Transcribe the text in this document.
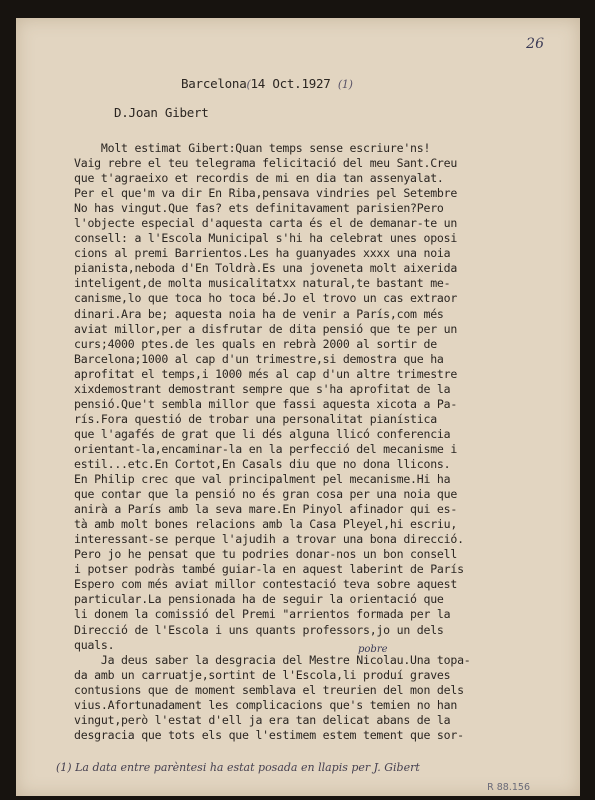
26
Barcelona(14 Oct.1927 (1)
D.Joan Gibert
Molt estimat Gibert:Quan temps sense escriure'ns!
Vaig rebre el teu telegrama felicitació del meu Sant.Creu
que t'agraeixo et recordis de mi en dia tan assenyalat.
Per el que'm va dir En Riba,pensava vindries pel Setembre
No has vingut.Que fas? ets definitavament parisien?Pero
l'objecte especial d'aquesta carta és el de demanar-te un
consell: a l'Escola Municipal s'hi ha celebrat unes oposi
cions al premi Barrientos.Les ha guanyades xxxx una noia
pianista,neboda d'En Toldrà.Es una joveneta molt aixerida
inteligent,de molta musicalitatxx natural,te bastant me-
canisme,lo que toca ho toca bé.Jo el trovo un cas extraor
dinari.Ara be; aquesta noia ha de venir a París,com més
aviat millor,per a disfrutar de dita pensió que te per un
curs;4000 ptes.de les quals en rebrà 2000 al sortir de
Barcelona;1000 al cap d'un trimestre,si demostra que ha
aprofitat el temps,i 1000 més al cap d'un altre trimestre
xixdemostrant demostrant sempre que s'ha aprofitat de la
pensió.Que't sembla millor que fassi aquesta xicota a Pa-
rís.Fora questió de trobar una personalitat pianística
que l'agafés de grat que li dés alguna llicó conferencia
orientant-la,encaminar-la en la perfecció del mecanisme i
estil...etc.En Cortot,En Casals diu que no dona llicons.
En Philip crec que val principalment pel mecanisme.Hi ha
que contar que la pensió no és gran cosa per una noia que
anirà a París amb la seva mare.En Pinyol afinador qui es-
tà amb molt bones relacions amb la Casa Pleyel,hi escriu,
interessant-se perque l'ajudih a trovar una bona direcció.
Pero jo he pensat que tu podries donar-nos un bon consell
i potser podràs també guiar-la en aquest laberint de París
Espero com més aviat millor contestació teva sobre aquest
particular.La pensionada ha de seguir la orientació que
li donem la comissió del Premi "arrientos formada per la
Direcció de l'Escola i uns quants professors,jo un dels
quals.
Ja deus saber la desgracia del Mestre Nicolau.Una topa-
da amb un carruatje,sortint de l'Escola,li produí graves
contusions que de moment semblava el treurien del mon dels
vius.Afortunadament les complicacions que's temien no han
vingut,però l'estat d'ell ja era tan delicat abans de la
desgracia que tots els que l'estimem estem tement que sor-
pobre
(1) La data entre parèntesi ha estat posada en llapis per J. Gibert
R 88.156
